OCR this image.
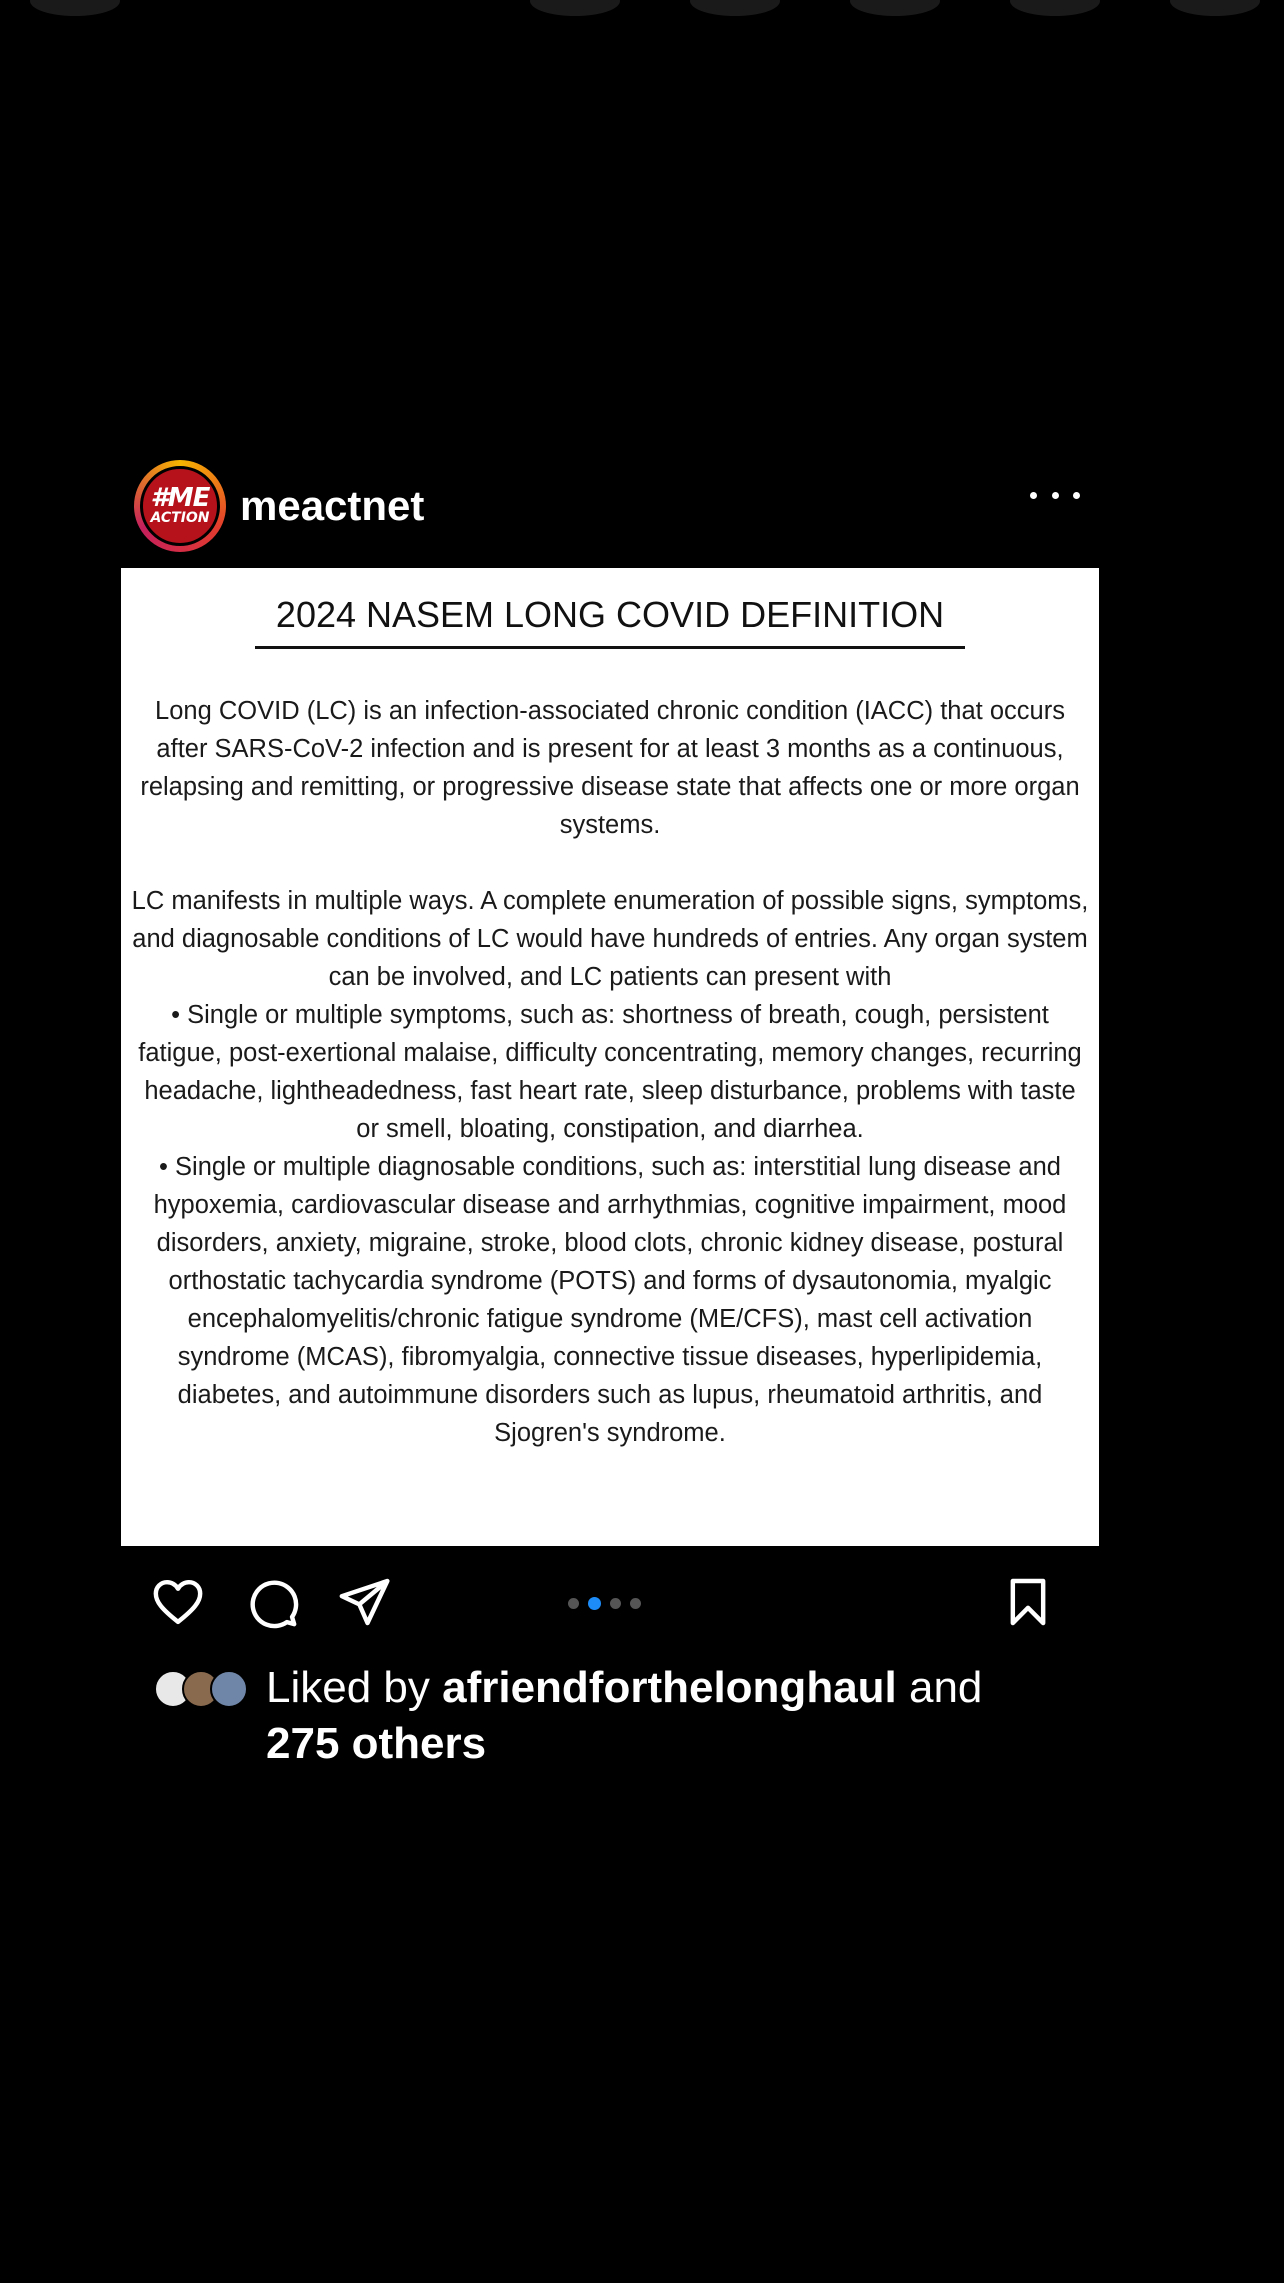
#ME
ACTION meactnet
2024 NASEM LONG COVID DEFINITION

Long COVID (LC) is an infection-associated chronic condition (IACC) that occurs after SARS-CoV-2 infection and is present for at least 3 months as a continuous, relapsing and remitting, or progressive disease state that affects one or more organ systems.

LC manifests in multiple ways. A complete enumeration of possible signs, symptoms, and diagnosable conditions of LC would have hundreds of entries. Any organ system can be involved, and LC patients can present with
• Single or multiple symptoms, such as: shortness of breath, cough, persistent fatigue, post-exertional malaise, difficulty concentrating, memory changes, recurring headache, lightheadedness, fast heart rate, sleep disturbance, problems with taste or smell, bloating, constipation, and diarrhea.
• Single or multiple diagnosable conditions, such as: interstitial lung disease and hypoxemia, cardiovascular disease and arrhythmias, cognitive impairment, mood disorders, anxiety, migraine, stroke, blood clots, chronic kidney disease, postural orthostatic tachycardia syndrome (POTS) and forms of dysautonomia, myalgic encephalomyelitis/chronic fatigue syndrome (ME/CFS), mast cell activation syndrome (MCAS), fibromyalgia, connective tissue diseases, hyperlipidemia, diabetes, and autoimmune disorders such as lupus, rheumatoid arthritis, and Sjogren's syndrome.
Liked by afriendforthelonghaul and
275 others
